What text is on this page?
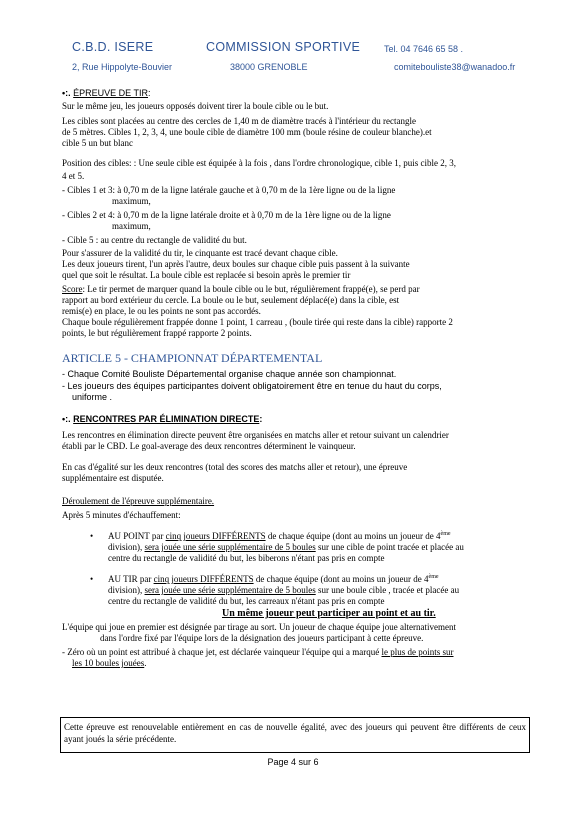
C.B.D. ISERE	COMMISSION SPORTIVE	Tel. 04 7646 65 58 .
2, Rue Hippolyte-Bouvier	38000 GRENOBLE	comitebouliste38@wanadoo.fr
•:. ÉPREUVE DE TIR:
Sur le même jeu, les joueurs opposés doivent tirer la boule cible ou le but.
Les cibles sont placées au centre des cercles de 1,40 m de diamètre tracés à l'intérieur du rectangle
de 5 mètres. Cibles 1, 2, 3, 4, une boule cible de diamètre 100 mm (boule résine de couleur blanche).et
cible 5 un but blanc
Position des cibles: : Une seule cible est équipée à la fois , dans l'ordre chronologique, cible 1, puis cible 2, 3,
4 et 5.
- Cibles 1 et 3: à 0,70 m de la ligne latérale gauche et à 0,70 m de la 1ère ligne ou de la ligne
maximum,
- Cibles 2 et 4: à 0,70 m de la ligne latérale droite et à 0,70 m de la 1ère ligne ou de la ligne
maximum,
- Cible 5 : au centre du rectangle de validité du but.
Pour s'assurer de la validité du tir, le cinquante est tracé devant chaque cible.
Les deux joueurs tirent, l'un après l'autre, deux boules sur chaque cible puis passent à la suivante
quel que soit le résultat. La boule cible est replacée si besoin après le premier tir
Score: Le tir permet de marquer quand la boule cible ou le but, régulièrement frappé(e), se perd par
rapport au bord extérieur du cercle. La boule ou le but, seulement déplacé(e) dans la cible, est
remis(e) en place, le ou les points ne sont pas accordés.
Chaque boule régulièrement frappée donne 1 point, 1 carreau , (boule tirée qui reste dans la cible) rapporte 2
points, le but régulièrement frappé rapporte 2 points.
ARTICLE 5 - CHAMPIONNAT DÉPARTEMENTAL
- Chaque Comité Bouliste Départemental organise chaque année son championnat.
- Les joueurs des équipes participantes doivent obligatoirement être en tenue du haut du corps,
uniforme .
•:. RENCONTRES PAR ÉLIMINATION DIRECTE:
Les rencontres en élimination directe peuvent être organisées en matchs aller et retour suivant un calendrier
établi par le CBD. Le goal-average des deux rencontres déterminent le vainqueur.
En cas d'égalité sur les deux rencontres (total des scores des matchs aller et retour), une épreuve
supplémentaire est disputée.
Déroulement de l'épreuve supplémentaire.
Après 5 minutes d'échauffement:
• AU POINT par cinq joueurs DIFFÉRENTS de chaque équipe (dont au moins un joueur de 4ème
division), sera jouée une série supplémentaire de 5 boules sur une cible de point tracée et placée au
centre du rectangle de validité du but, les biberons n'étant pas pris en compte
• AU TIR par cinq joueurs DIFFÉRENTS de chaque équipe (dont au moins un joueur de 4ème
division), sera jouée une série supplémentaire de 5 boules sur une boule cible , tracée et placée au
centre du rectangle de validité du but, les carreaux n'étant pas pris en compte
Un même joueur peut participer au point et au tir.
L'équipe qui joue en premier est désignée par tirage au sort. Un joueur de chaque équipe joue alternativement
dans l'ordre fixé par l'équipe lors de la désignation des joueurs participant à cette épreuve.
- Zéro où un point est attribué à chaque jet, est déclarée vainqueur l'équipe qui a marqué le plus de points sur
les 10 boules jouées.
Cette épreuve est renouvelable entièrement en cas de nouvelle égalité, avec des joueurs qui peuvent être différents de ceux ayant joués la série précédente.
Page 4 sur 6
